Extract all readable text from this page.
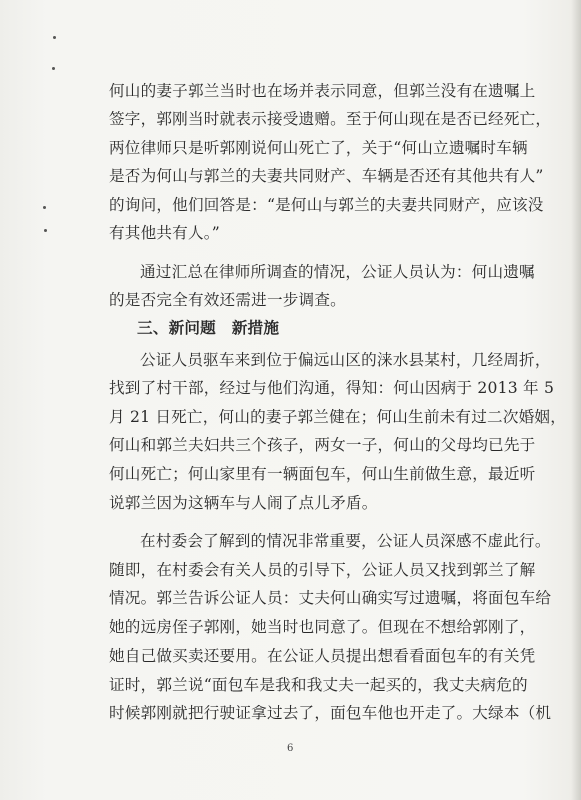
何山的妻子郭兰当时也在场并表示同意，但郭兰没有在遗嘱上
签字，郭刚当时就表示接受遗赠。至于何山现在是否已经死亡，
两位律师只是听郭刚说何山死亡了，关于“何山立遗嘱时车辆
是否为何山与郭兰的夫妻共同财产、车辆是否还有其他共有人”
的询问，他们回答是：“是何山与郭兰的夫妻共同财产，应该没
有其他共有人。”
通过汇总在律师所调查的情况，公证人员认为：何山遗嘱
的是否完全有效还需进一步调查。
三、新问题　新措施
公证人员驱车来到位于偏远山区的涞水县某村，几经周折，
找到了村干部，经过与他们沟通，得知：何山因病于 2013 年 5
月 21 日死亡，何山的妻子郭兰健在；何山生前未有过二次婚姻，
何山和郭兰夫妇共三个孩子，两女一子，何山的父母均已先于
何山死亡；何山家里有一辆面包车，何山生前做生意，最近听
说郭兰因为这辆车与人闹了点儿矛盾。
在村委会了解到的情况非常重要，公证人员深感不虚此行。
随即，在村委会有关人员的引导下，公证人员又找到郭兰了解
情况。郭兰告诉公证人员：丈夫何山确实写过遗嘱，将面包车给
她的远房侄子郭刚，她当时也同意了。但现在不想给郭刚了，
她自己做买卖还要用。在公证人员提出想看看面包车的有关凭
证时，郭兰说“面包车是我和我丈夫一起买的，我丈夫病危的
时候郭刚就把行驶证拿过去了，面包车他也开走了。大绿本（机
6
